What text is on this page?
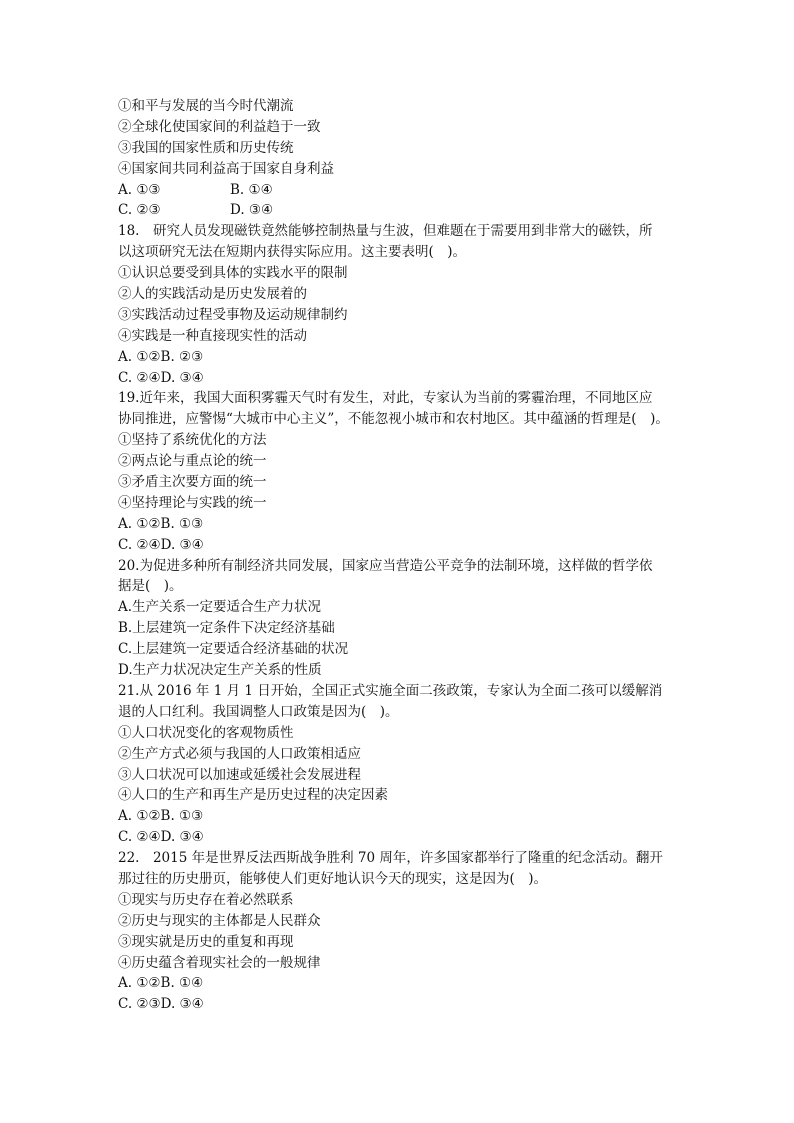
①和平与发展的当今时代潮流
②全球化使国家间的利益趋于一致
③我国的国家性质和历史传统
④国家间共同利益高于国家自身利益
A. ①③	B. ①④
C. ②③	D. ③④
18.　研究人员发现磁铁竟然能够控制热量与生波，但难题在于需要用到非常大的磁铁，所
以这项研究无法在短期内获得实际应用。这主要表明(　)。
①认识总要受到具体的实践水平的限制
②人的实践活动是历史发展着的
③实践活动过程受事物及运动规律制约
④实践是一种直接现实性的活动
A. ①②B. ②③
C. ②④D. ③④
19.近年来，我国大面积雾霾天气时有发生，对此，专家认为当前的雾霾治理，不同地区应
协同推进，应警惕“大城市中心主义”，不能忽视小城市和农村地区。其中蕴涵的哲理是(　)。
①坚持了系统优化的方法
②两点论与重点论的统一
③矛盾主次要方面的统一
④坚持理论与实践的统一
A. ①②B. ①③
C. ②④D. ③④
20.为促进多种所有制经济共同发展，国家应当营造公平竞争的法制环境，这样做的哲学依
据是(　)。
A.生产关系一定要适合生产力状况
B.上层建筑一定条件下决定经济基础
C.上层建筑一定要适合经济基础的状况
D.生产力状况决定生产关系的性质
21.从 2016 年 1 月 1 日开始，全国正式实施全面二孩政策，专家认为全面二孩可以缓解消
退的人口红利。我国调整人口政策是因为(　)。
①人口状况变化的客观物质性
②生产方式必须与我国的人口政策相适应
③人口状况可以加速或延缓社会发展进程
④人口的生产和再生产是历史过程的决定因素
A. ①②B. ①③
C. ②④D. ③④
22.　2015 年是世界反法西斯战争胜利 70 周年，许多国家都举行了隆重的纪念活动。翻开
那过往的历史册页，能够使人们更好地认识今天的现实，这是因为(　)。
①现实与历史存在着必然联系
②历史与现实的主体都是人民群众
③现实就是历史的重复和再现
④历史蕴含着现实社会的一般规律
A. ①②B. ①④
C. ②③D. ③④
